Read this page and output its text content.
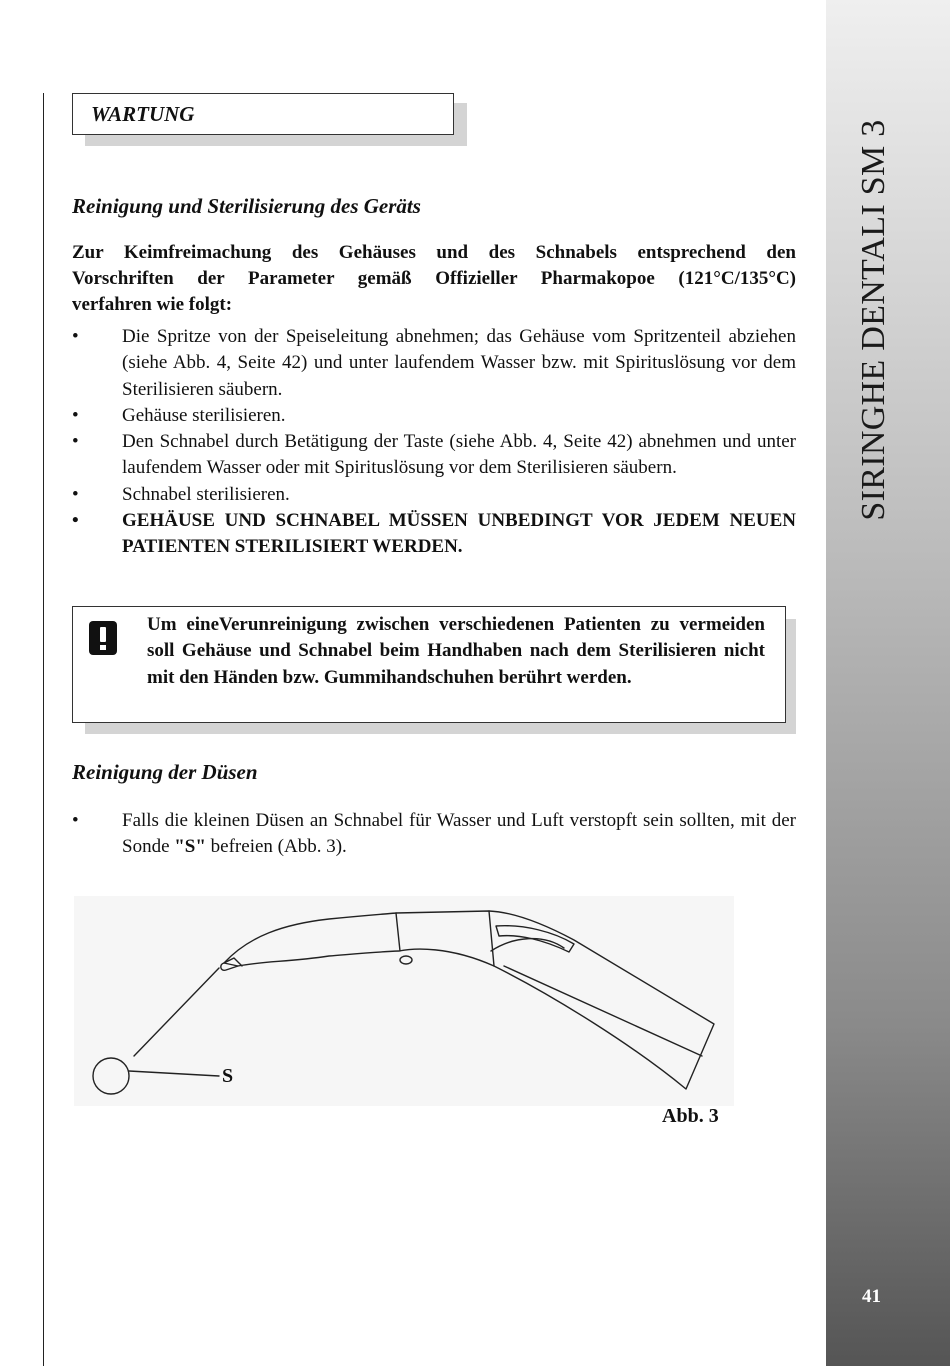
WARTUNG
Reinigung und Sterilisierung des Geräts
Zur Keimfreimachung des Gehäuses und des Schnabels entsprechend den
Vorschriften der Parameter gemäß Offizieller Pharmakopoe (121°C/135°C)
verfahren wie folgt:
• Die Spritze von der Speiseleitung abnehmen; das Gehäuse vom Spritzenteil abziehen (siehe Abb. 4, Seite 42) und unter laufendem Wasser bzw. mit Spirituslösung vor dem Sterilisieren säubern.
• Gehäuse sterilisieren.
• Den Schnabel durch Betätigung der Taste (siehe Abb. 4, Seite 42) abnehmen und unter laufendem Wasser oder mit Spirituslösung vor dem Sterilisieren säubern.
• Schnabel sterilisieren.
• GEHÄUSE UND SCHNABEL MÜSSEN UNBEDINGT VOR JEDEM NEUEN PATIENTEN STERILISIERT WERDEN.
Um eineVerunreinigung zwischen verschiedenen Patienten zu vermeiden soll Gehäuse und Schnabel beim Handhaben nach dem Sterilisieren nicht mit den Händen bzw. Gummihandschuhen berührt werden.
Reinigung der Düsen
• Falls die kleinen Düsen an Schnabel für Wasser und Luft verstopft sein sollten, mit der Sonde "S" befreien (Abb. 3).
S
Abb. 3
SIRINGHE DENTALI SM 3
41
